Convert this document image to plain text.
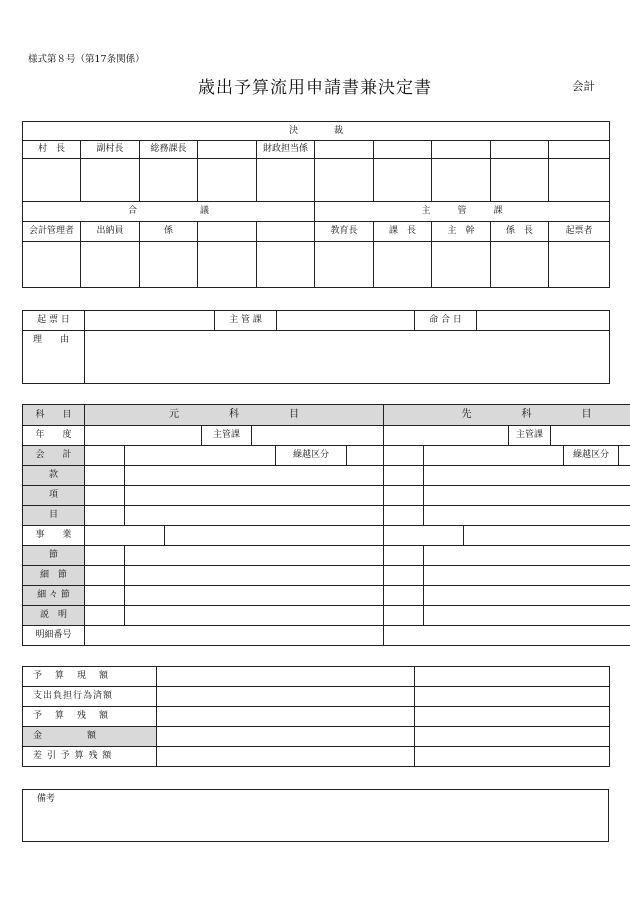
様式第８号（第17条関係）
歳出予算流用申請書兼決定書	会計
決　　　　裁									
村　長	副村長	総務課長		財政担当係					

合　　　　　　　議					主　　　管　　　課				
会計管理者	出納員	係			教育長	課　長	主　幹	係　長	起票者

起 票 日		主 管 課		命 合 日	
理　　由					
科　　目	元　　　　　科　　　　　目							先　　　　　科　　　　　目						
年　　度				主管課							主管課			
会　　計						繰越区分							繰越区分	
款														
項														
目														
事　　業														
節														
細　節														
細 々 節														
説　明														
明細番号														
予　算　現　額		
支出負担行為済額		
予　算　残　額		
金　　　　　額		
差 引 予 算 残 額		
備考
